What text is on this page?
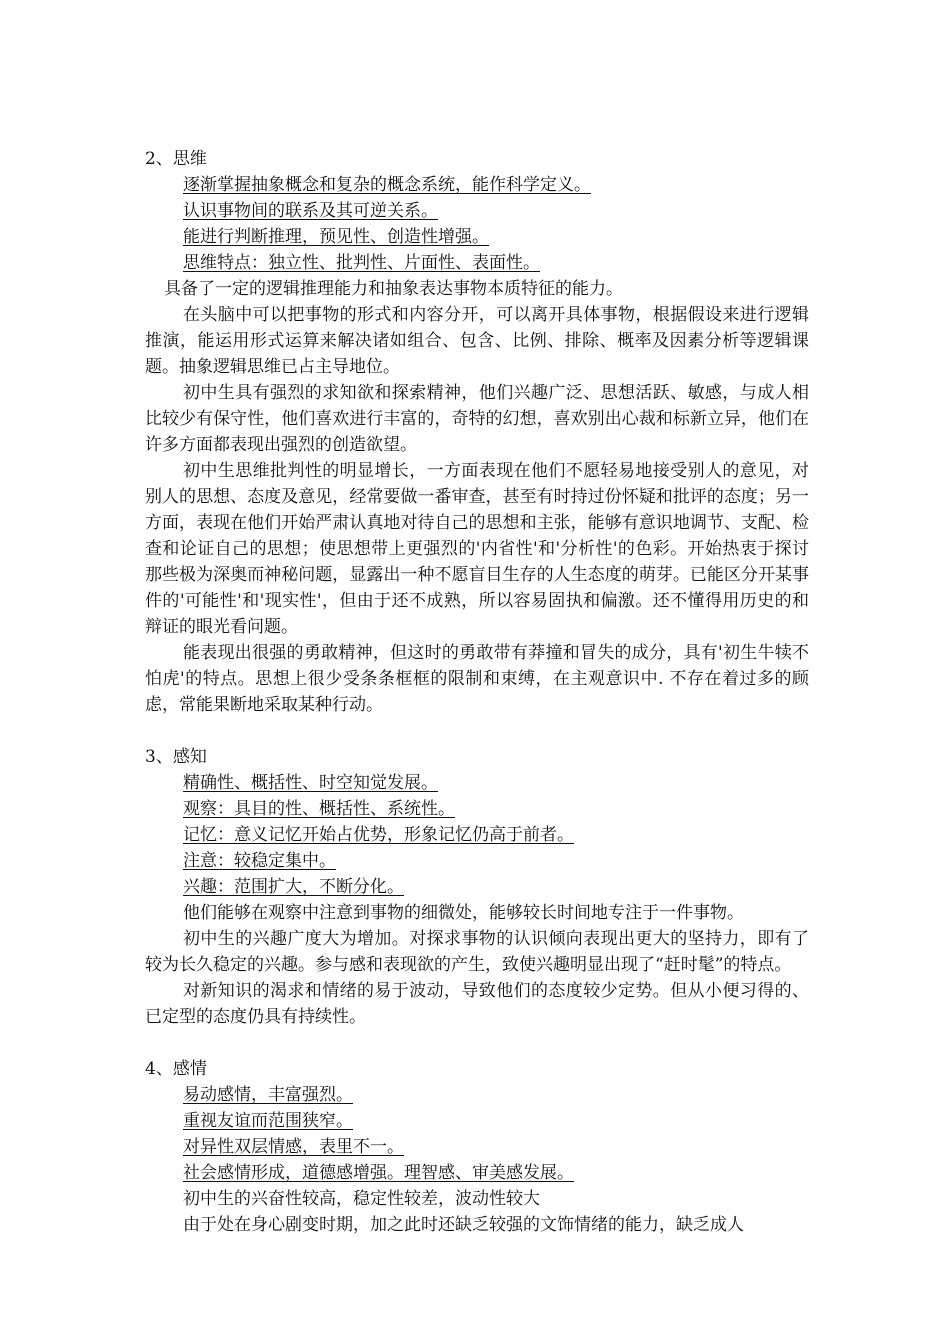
2、思维
逐渐掌握抽象概念和复杂的概念系统，能作科学定义。
认识事物间的联系及其可逆关系。
能进行判断推理，预见性、创造性增强。
思维特点：独立性、批判性、片面性、表面性。

具备了一定的逻辑推理能力和抽象表达事物本质特征的能力。

在头脑中可以把事物的形式和内容分开，可以离开具体事物，根据假设来进行逻辑推演，能运用形式运算来解决诸如组合、包含、比例、排除、概率及因素分析等逻辑课题。抽象逻辑思维已占主导地位。

初中生具有强烈的求知欲和探索精神，他们兴趣广泛、思想活跃、敏感，与成人相比较少有保守性，他们喜欢进行丰富的，奇特的幻想，喜欢别出心裁和标新立异，他们在许多方面都表现出强烈的创造欲望。

初中生思维批判性的明显增长，一方面表现在他们不愿轻易地接受别人的意见，对别人的思想、态度及意见，经常要做一番审查，甚至有时持过份怀疑和批评的态度；另一方面，表现在他们开始严肃认真地对待自己的思想和主张，能够有意识地调节、支配、检查和论证自己的思想；使思想带上更强烈的'内省性'和'分析性'的色彩。开始热衷于探讨那些极为深奥而神秘问题，显露出一种不愿盲目生存的人生态度的萌芽。已能区分开某事件的'可能性'和'现实性'，但由于还不成熟，所以容易固执和偏激。还不懂得用历史的和辩证的眼光看问题。

能表现出很强的勇敢精神，但这时的勇敢带有莽撞和冒失的成分，具有'初生牛犊不怕虎'的特点。思想上很少受条条框框的限制和束缚，在主观意识中. 不存在着过多的顾虑，常能果断地采取某种行动。

3、感知
精确性、概括性、时空知觉发展。
观察：具目的性、概括性、系统性。
记忆：意义记忆开始占优势，形象记忆仍高于前者。
注意：较稳定集中。
兴趣：范围扩大，不断分化。

他们能够在观察中注意到事物的细微处，能够较长时间地专注于一件事物。

初中生的兴趣广度大为增加。对探求事物的认识倾向表现出更大的坚持力，即有了较为长久稳定的兴趣。参与感和表现欲的产生，致使兴趣明显出现了“赶时髦”的特点。

对新知识的渴求和情绪的易于波动，导致他们的态度较少定势。但从小便习得的、已定型的态度仍具有持续性。

4、感情
易动感情，丰富强烈。
重视友谊而范围狭窄。
对异性双层情感，表里不一。
社会感情形成，道德感增强。理智感、审美感发展。

初中生的兴奋性较高，稳定性较差，波动性较大

由于处在身心剧变时期，加之此时还缺乏较强的文饰情绪的能力，缺乏成人
